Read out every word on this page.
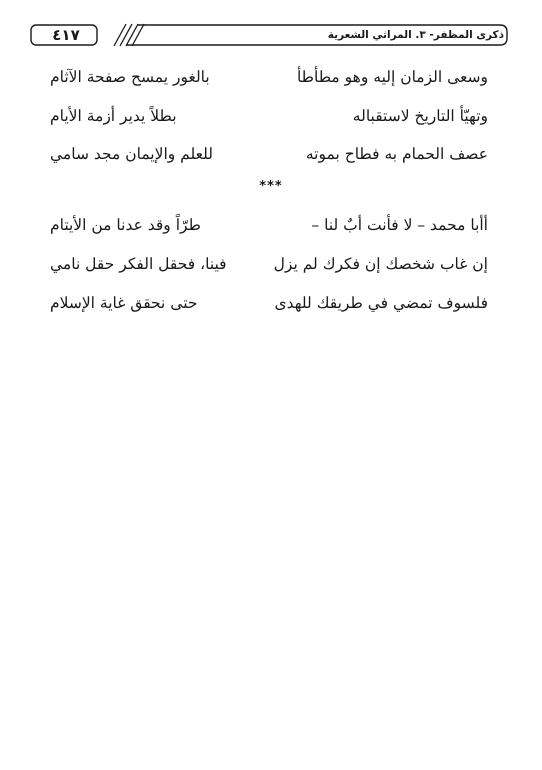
٤١٧	ذكرى المظفر- ٣. المراثي الشعرية
وسعى الزمان إليه وهو مطأطأ
بالغور يمسح صفحة الآثام
وتهيّأ التاريخ لاستقباله
بطلاً يدير أزمة الأيام
عصف الحمام به فطاح بموته
للعلم والإيمان مجد سامي
***
أأبا محمد – لا فأنت أبٌ لنا –
طرّاً وقد عدنا من الأيتام
إن غاب شخصك إن فكرك لم يزل
فينا، فحقل الفكر حقل نامي
فلسوف تمضي في طريقك للهدى
حتى نحقق غاية الإسلام
